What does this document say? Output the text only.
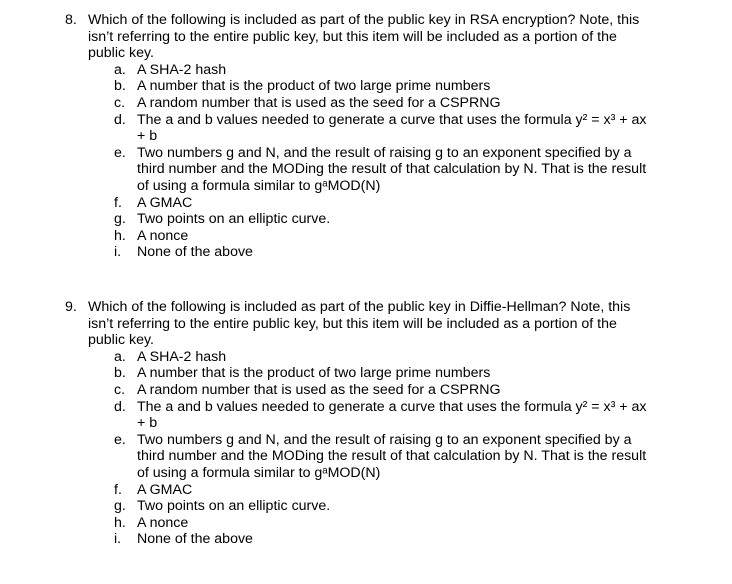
8. Which of the following is included as part of the public key in RSA encryption? Note, this
isn’t referring to the entire public key, but this item will be included as a portion of the
public key.
a. A SHA-2 hash
b. A number that is the product of two large prime numbers
c. A random number that is used as the seed for a CSPRNG
d. The a and b values needed to generate a curve that uses the formula y² = x³ + ax
+ b
e. Two numbers g and N, and the result of raising g to an exponent specified by a
third number and the MODing the result of that calculation by N. That is the result
of using a formula similar to gᵃMOD(N)
f. A GMAC
g. Two points on an elliptic curve.
h. A nonce
i. None of the above
9. Which of the following is included as part of the public key in Diffie-Hellman? Note, this
isn’t referring to the entire public key, but this item will be included as a portion of the
public key.
a. A SHA-2 hash
b. A number that is the product of two large prime numbers
c. A random number that is used as the seed for a CSPRNG
d. The a and b values needed to generate a curve that uses the formula y² = x³ + ax
+ b
e. Two numbers g and N, and the result of raising g to an exponent specified by a
third number and the MODing the result of that calculation by N. That is the result
of using a formula similar to gᵃMOD(N)
f. A GMAC
g. Two points on an elliptic curve.
h. A nonce
i. None of the above
